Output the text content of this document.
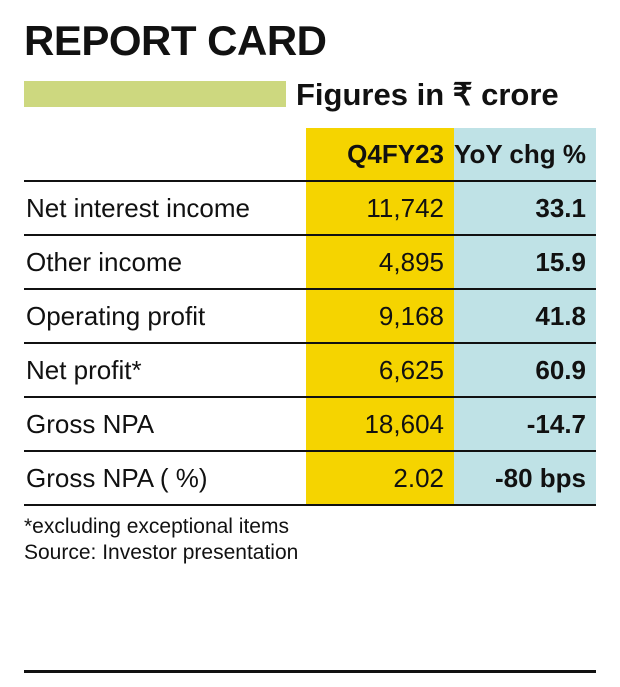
REPORT CARD
Figures in ₹ crore
	Q4FY23	YoY chg %
Net interest income	11,742	33.1
Other income	4,895	15.9
Operating profit	9,168	41.8
Net profit*	6,625	60.9
Gross NPA	18,604	-14.7
Gross NPA ( %)	2.02	-80 bps
*excluding exceptional items
Source: Investor presentation
